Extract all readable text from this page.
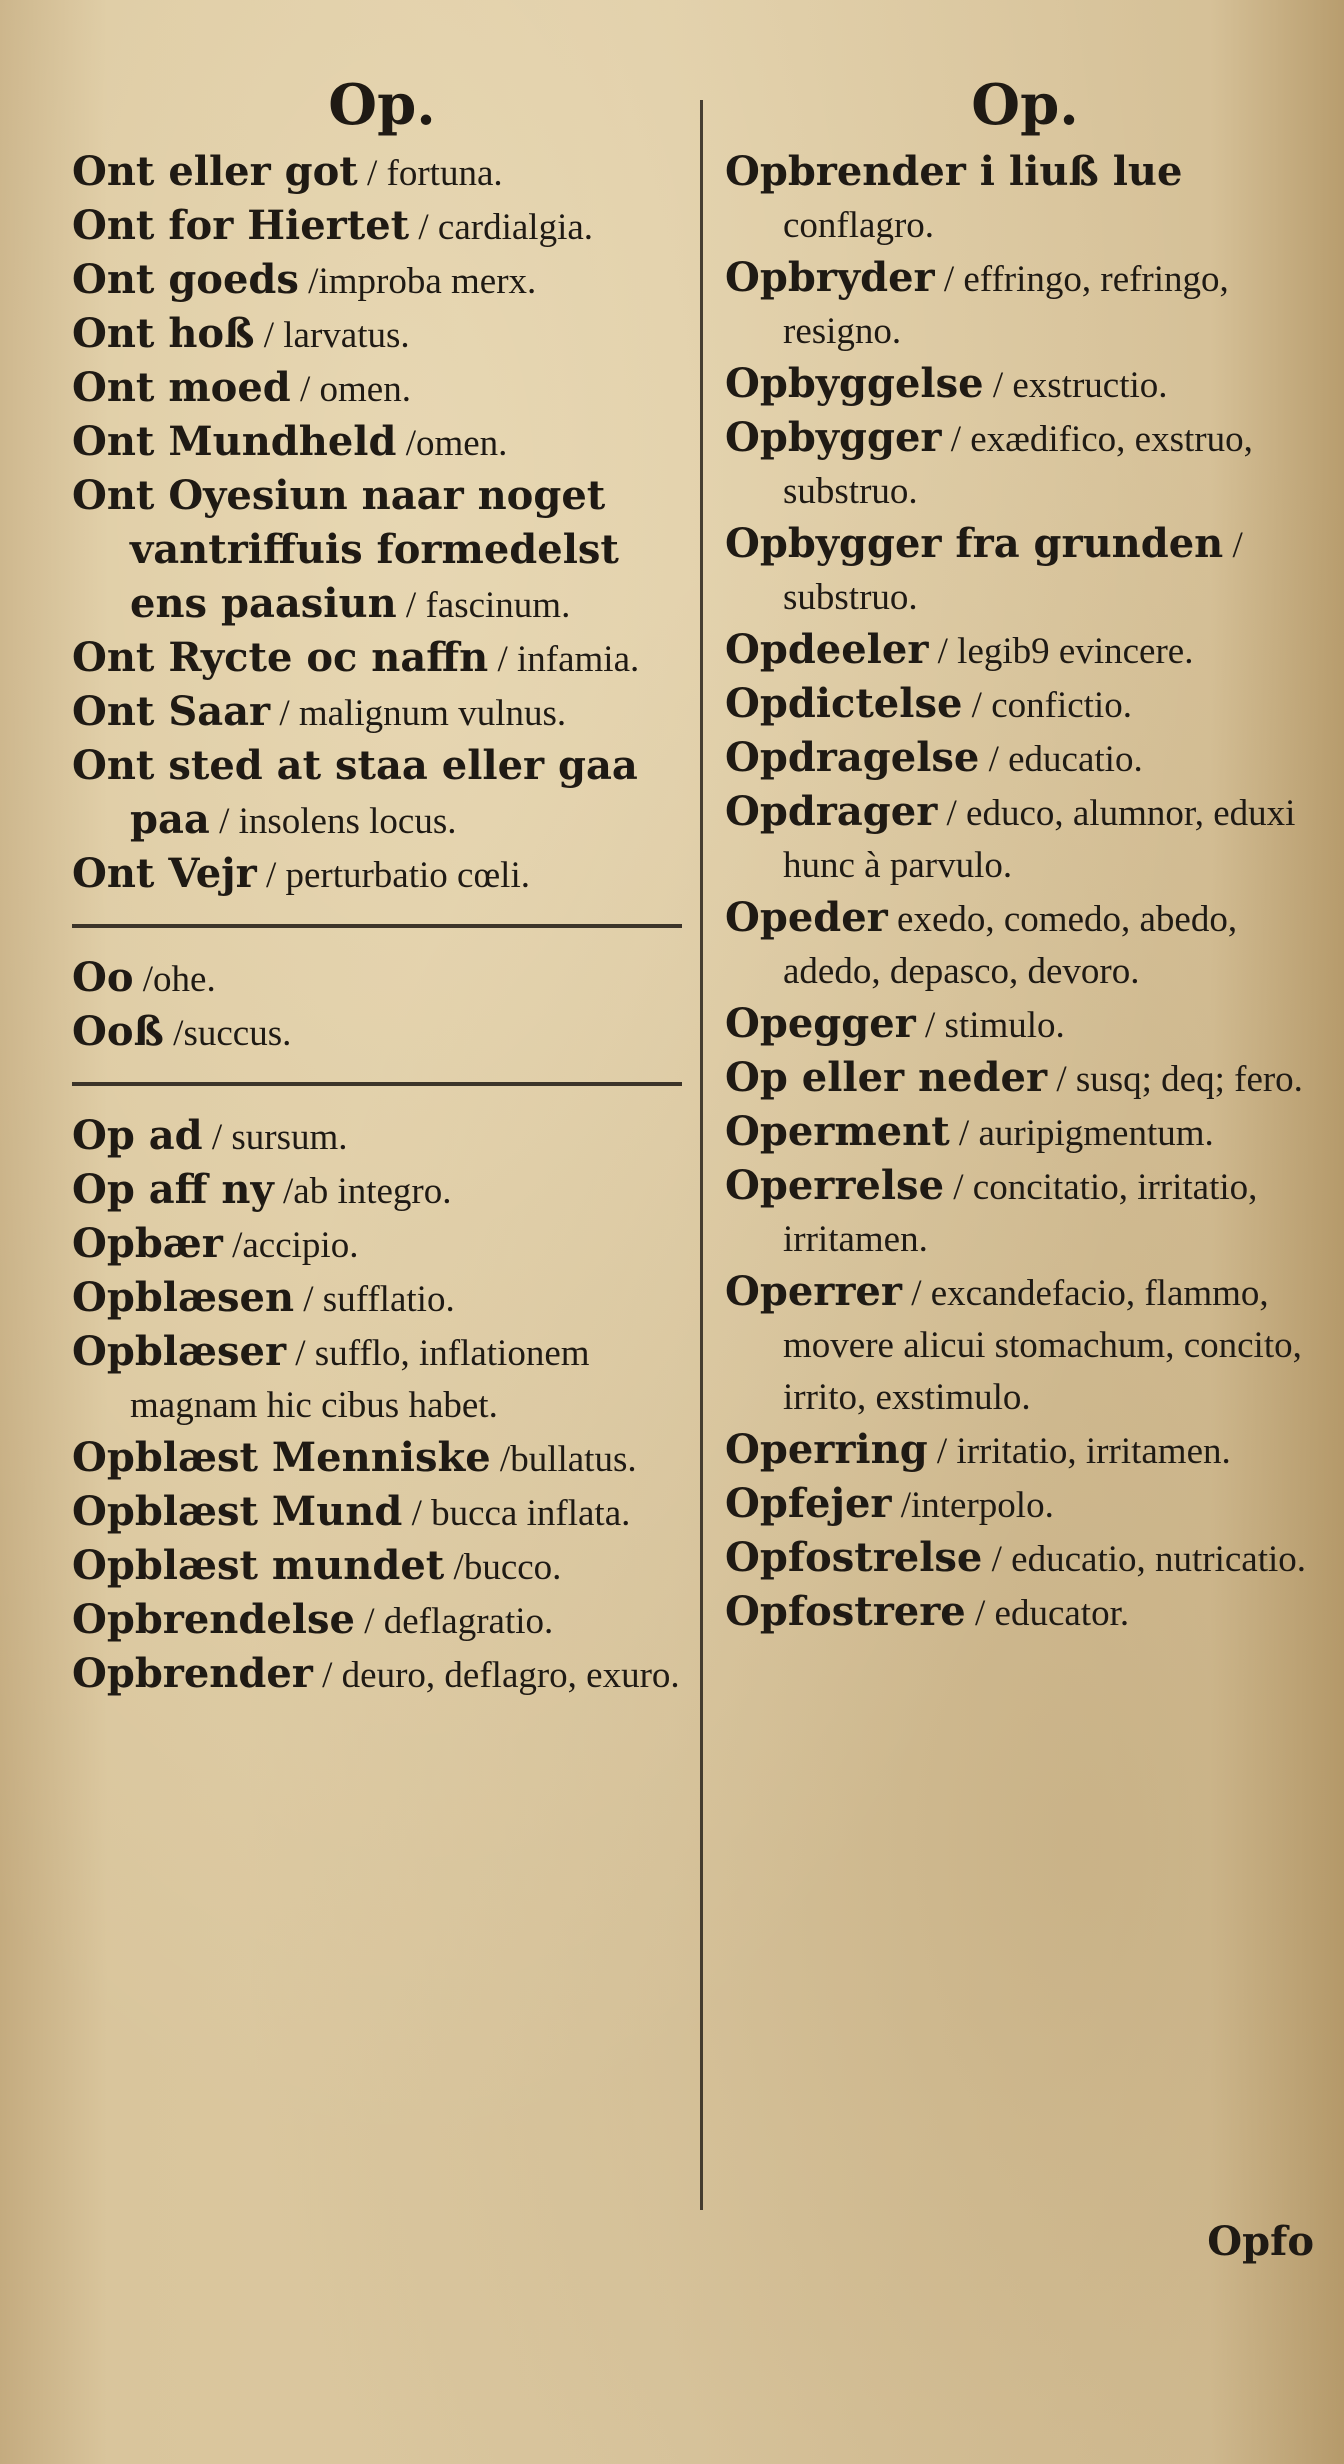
Op.

Ont eller got / fortuna.

Ont for Hiertet / cardialgia.

Ont goeds /improba merx.

Ont hoß / larvatus.

Ont moed / omen.

Ont Mundheld /omen.

Ont Oyesiun naar noget vantriffuis formedelst ens paasiun / fascinum.

Ont Rycte oc naffn / infamia.

Ont Saar / malignum vulnus.

Ont sted at staa eller gaa paa / insolens locus.

Ont Vejr / perturbatio cœli.

Oo /ohe.

Ooß /succus.

Op ad / sursum.

Op aff ny /ab integro.

Opbær /accipio.

Opblæsen / sufflatio.

Opblæser / sufflo, inflationem magnam hic cibus habet.

Opblæst Menniske /bullatus.

Opblæst Mund / bucca inflata.

Opblæst mundet /bucco.

Opbrendelse / deflagratio.

Opbrender / deuro, deflagro, exuro.

Op.

Opbrender i liuß lue conflagro.

Opbryder / effringo, refringo, resigno.

Opbyggelse / exstructio.

Opbygger / exædifico, exstruo, substruo.

Opbygger fra grunden / substruo.

Opdeeler / legib9 evincere.

Opdictelse / confictio.

Opdragelse / educatio.

Opdrager / educo, alumnor, eduxi hunc à parvulo.

Opeder exedo, comedo, abedo, adedo, depasco, devoro.

Opegger / stimulo.

Op eller neder / susq; deq; fero.

Operment / auripigmentum.

Operrelse / concitatio, irritatio, irritamen.

Operrer / excandefacio, flammo, movere alicui stomachum, concito, irrito, exstimulo.

Operring / irritatio, irritamen.

Opfejer /interpolo.

Opfostrelse / educatio, nutricatio.

Opfostrere / educator.

Opfo
